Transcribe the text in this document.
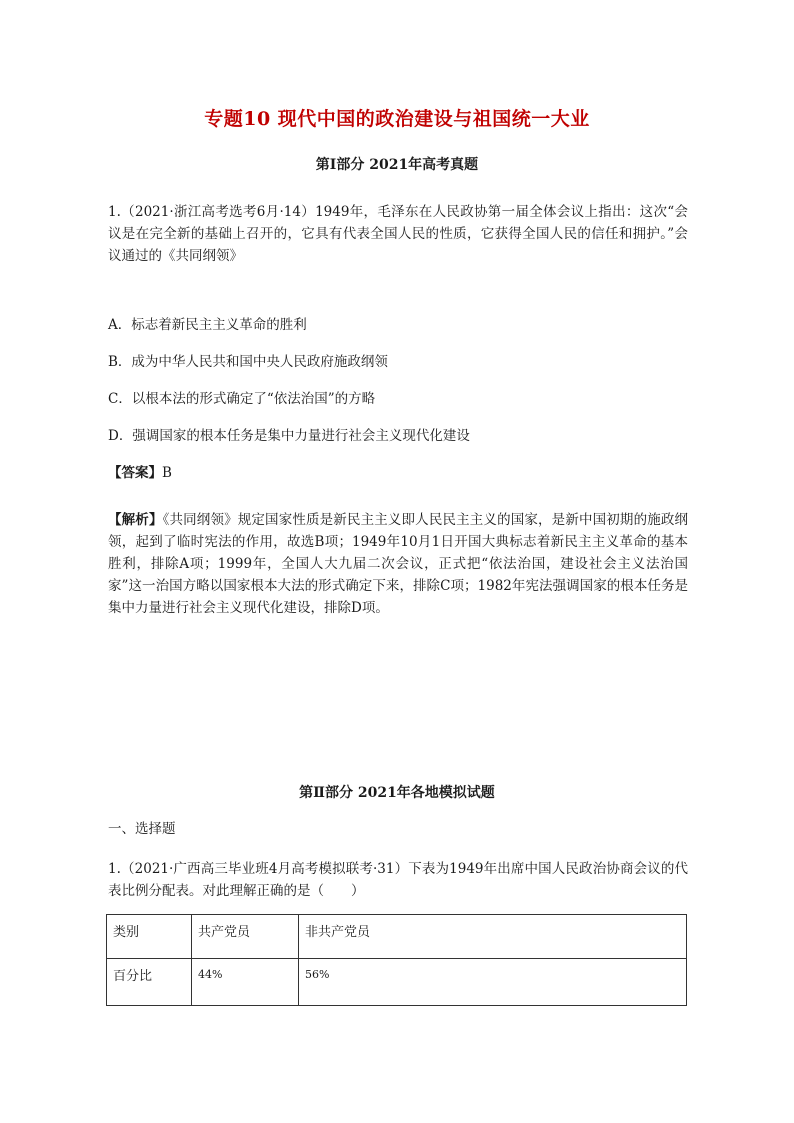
专题10 现代中国的政治建设与祖国统一大业
第Ⅰ部分 2021年高考真题
1.（2021·浙江高考选考6月·14）1949年，毛泽东在人民政协第一届全体会议上指出：这次“会议是在完全新的基础上召开的，它具有代表全国人民的性质，它获得全国人民的信任和拥护。”会议通过的《共同纲领》
A．标志着新民主主义革命的胜利
B．成为中华人民共和国中央人民政府施政纲领
C．以根本法的形式确定了“依法治国”的方略
D．强调国家的根本任务是集中力量进行社会主义现代化建设
【答案】B
【解析】《共同纲领》规定国家性质是新民主主义即人民民主主义的国家，是新中国初期的施政纲领，起到了临时宪法的作用，故选B项；1949年10月1日开国大典标志着新民主主义革命的基本胜利，排除A项；1999年，全国人大九届二次会议，正式把“依法治国，建设社会主义法治国家”这一治国方略以国家根本大法的形式确定下来，排除C项；1982年宪法强调国家的根本任务是集中力量进行社会主义现代化建设，排除D项。
第Ⅱ部分 2021年各地模拟试题
一、选择题
1.（2021·广西高三毕业班4月高考模拟联考·31）下表为1949年出席中国人民政治协商会议的代表比例分配表。对此理解正确的是（　　）
类别	共产党员	非共产党员
百分比	44%	56%
